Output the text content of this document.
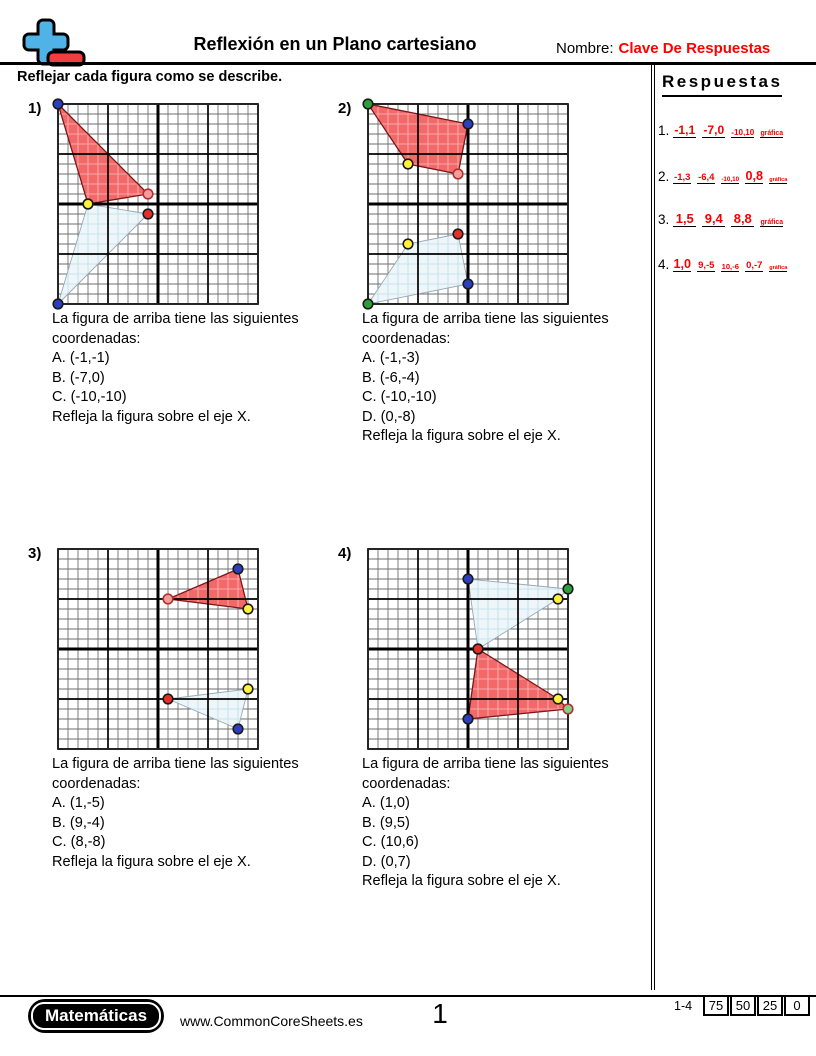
Reflexión en un Plano cartesiano	Nombre: Clave De Respuestas
Reflejar cada figura como se describe.
1)
La figura de arriba tiene las siguientes coordenadas:
A. (-1,-1)
B. (-7,0)
C. (-10,-10)
Refleja la figura sobre el eje X.
2)
La figura de arriba tiene las siguientes coordenadas:
A. (-1,-3)
B. (-6,-4)
C. (-10,-10)
D. (0,-8)
Refleja la figura sobre el eje X.
3)
La figura de arriba tiene las siguientes coordenadas:
A. (1,-5)
B. (9,-4)
C. (8,-8)
Refleja la figura sobre el eje X.
4)
La figura de arriba tiene las siguientes coordenadas:
A. (1,0)
B. (9,5)
C. (10,6)
D. (0,7)
Refleja la figura sobre el eje X.
Respuestas
1. -1,1 -7,0 -10,10 gráfica
2. -1,3 -6,4 -10,10 0,8 gráfica
3. 1,5 9,4 8,8	gráfica
4. 1,0 9,-5 10,-6 0,-7 gráfica
Matemáticas	www.CommonCoreSheets.es	1	1-4	75 50 25	0
